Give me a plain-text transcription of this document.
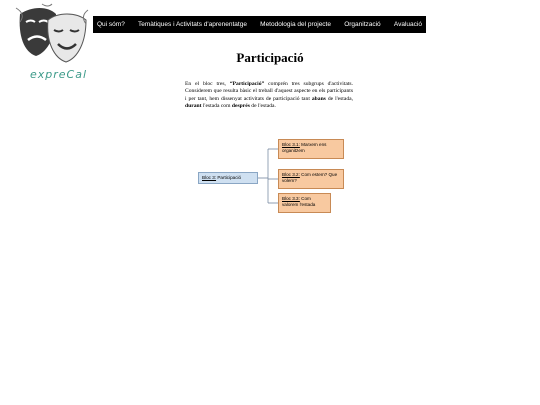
expreCal
Qui sóm? Temàtiques i Activitats d'aprenentatge Metodologia del projecte Organització Avaluació
Participació

En el bloc tres, “Participació” comprén tres subgrups d'activitats. Considerem que resulta bàsic el treball d'aquest aspecte en els participants i per tant, hem dissenyat activitats de participació tant abans de l'estada, durant l'estada com després de l'estada.

Bloc 3: Participació
Bloc 3.1: Marxem ens organitzem
Bloc 3.2: Com estem? Que volem?
Bloc 3.3: Com valorem l'estada
